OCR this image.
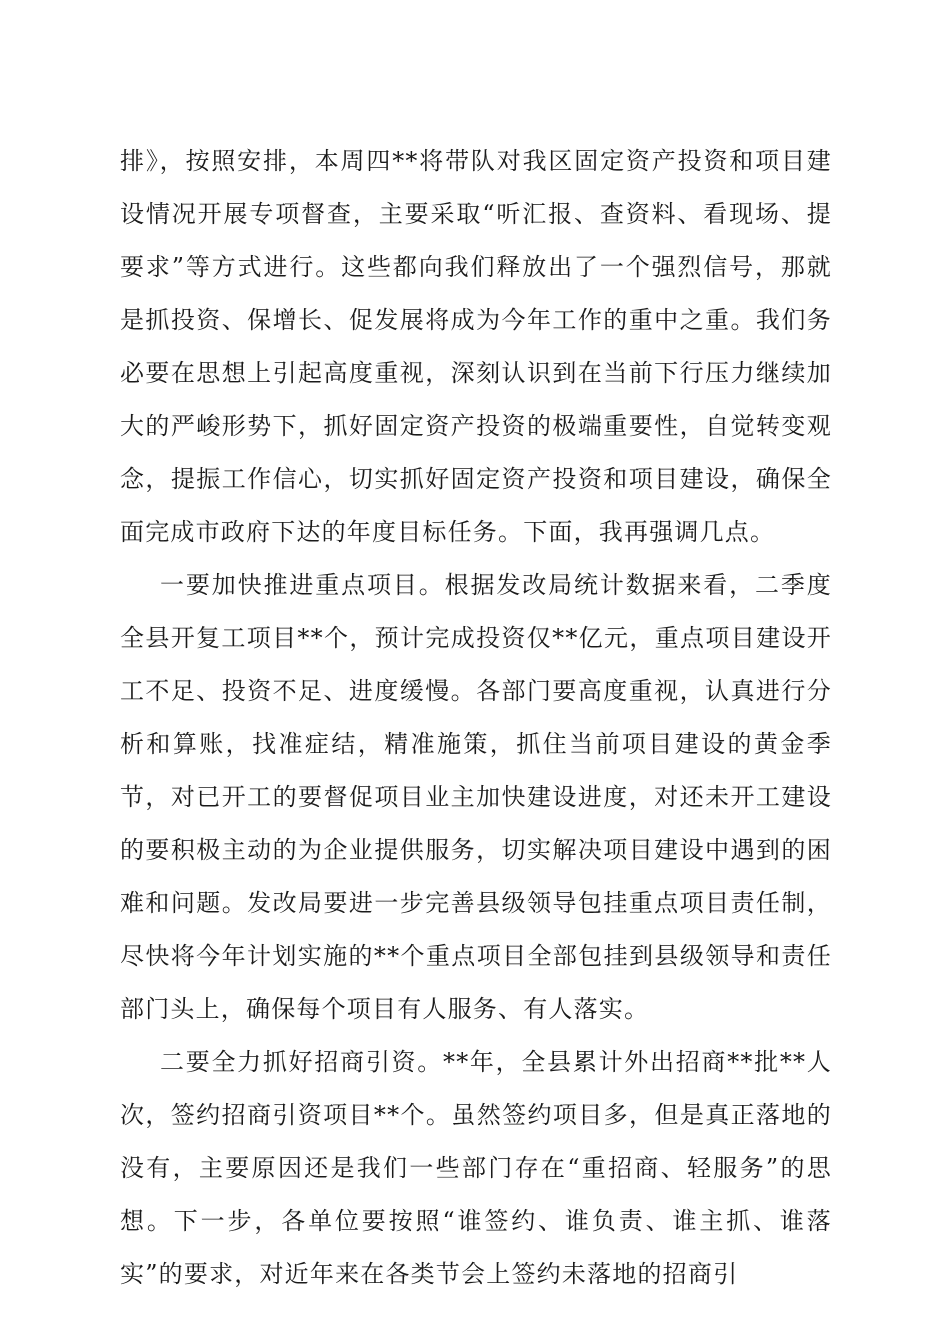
排》，按照安排，本周四**将带队对我区固定资产投资和项目建设情况开展专项督查，主要采取“听汇报、查资料、看现场、提要求”等方式进行。这些都向我们释放出了一个强烈信号，那就是抓投资、保增长、促发展将成为今年工作的重中之重。我们务必要在思想上引起高度重视，深刻认识到在当前下行压力继续加大的严峻形势下，抓好固定资产投资的极端重要性，自觉转变观念，提振工作信心，切实抓好固定资产投资和项目建设，确保全面完成市政府下达的年度目标任务。下面，我再强调几点。

一要加快推进重点项目。根据发改局统计数据来看，二季度全县开复工项目**个，预计完成投资仅**亿元，重点项目建设开工不足、投资不足、进度缓慢。各部门要高度重视，认真进行分析和算账，找准症结，精准施策，抓住当前项目建设的黄金季节，对已开工的要督促项目业主加快建设进度，对还未开工建设的要积极主动的为企业提供服务，切实解决项目建设中遇到的困难和问题。发改局要进一步完善县级领导包挂重点项目责任制，尽快将今年计划实施的**个重点项目全部包挂到县级领导和责任部门头上，确保每个项目有人服务、有人落实。

二要全力抓好招商引资。**年，全县累计外出招商**批**人次，签约招商引资项目**个。虽然签约项目多，但是真正落地的没有，主要原因还是我们一些部门存在“重招商、轻服务”的思想。下一步，各单位要按照“谁签约、谁负责、谁主抓、谁落实”的要求，对近年来在各类节会上签约未落地的招商引
